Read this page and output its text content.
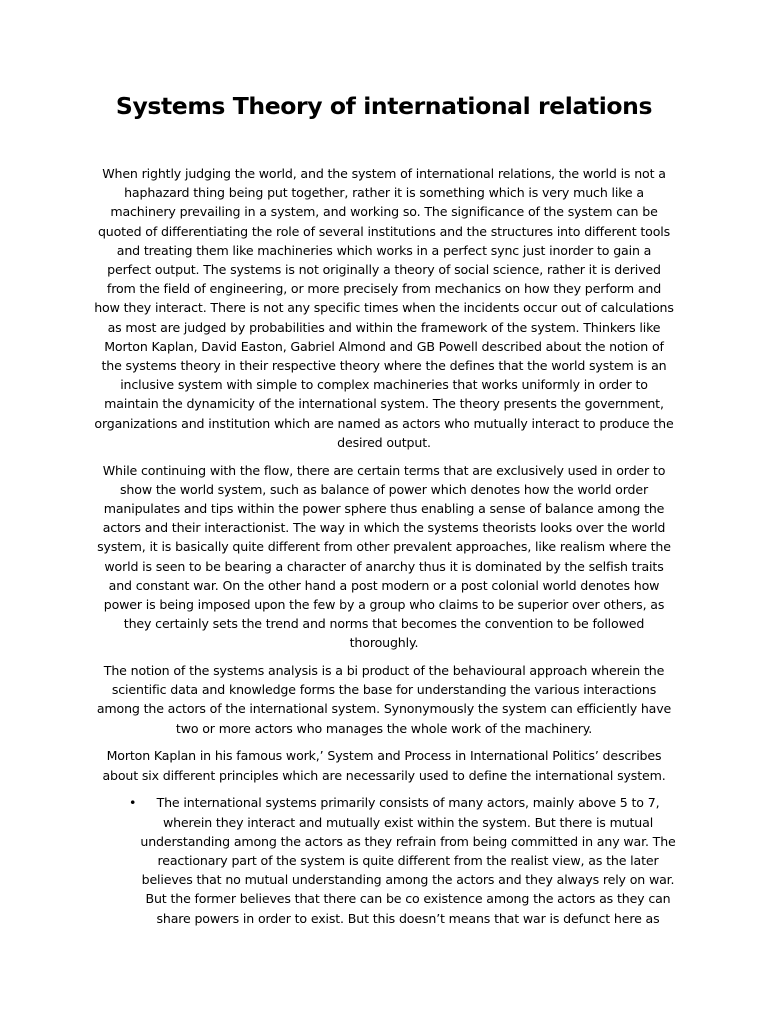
Systems Theory of international relations

When rightly judging the world, and the system of international relations, the world is not a haphazard thing being put together, rather it is something which is very much like a machinery prevailing in a system, and working so. The significance of the system can be quoted of differentiating the role of several institutions and the structures into different tools and treating them like machineries which works in a perfect sync just inorder to gain a perfect output. The systems is not originally a theory of social science, rather it is derived from the field of engineering, or more precisely from mechanics on how they perform and how they interact. There is not any specific times when the incidents occur out of calculations as most are judged by probabilities and within the framework of the system. Thinkers like Morton Kaplan, David Easton, Gabriel Almond and GB Powell described about the notion of the systems theory in their respective theory where the defines that the world system is an inclusive system with simple to complex machineries that works uniformly in order to maintain the dynamicity of the international system. The theory presents the government, organizations and institution which are named as actors who mutually interact to produce the desired output.

While continuing with the flow, there are certain terms that are exclusively used in order to show the world system, such as balance of power which denotes how the world order manipulates and tips within the power sphere thus enabling a sense of balance among the actors and their interactionist. The way in which the systems theorists looks over the world system, it is basically quite different from other prevalent approaches, like realism where the world is seen to be bearing a character of anarchy thus it is dominated by the selfish traits and constant war. On the other hand a post modern or a post colonial world denotes how power is being imposed upon the few by a group who claims to be superior over others, as they certainly sets the trend and norms that becomes the convention to be followed thoroughly.

The notion of the systems analysis is a bi product of the behavioural approach wherein the scientific data and knowledge forms the base for understanding the various interactions among the actors of the international system. Synonymously the system can efficiently have two or more actors who manages the whole work of the machinery.

Morton Kaplan in his famous work,’ System and Process in International Politics’ describes about six different principles which are necessarily used to define the international system.

•	The international systems primarily consists of many actors, mainly above 5 to 7, wherein they interact and mutually exist within the system. But there is mutual understanding among the actors as they refrain from being committed in any war. The reactionary part of the system is quite different from the realist view, as the later believes that no mutual understanding among the actors and they always rely on war. But the former believes that there can be co existence among the actors as they can share powers in order to exist. But this doesn’t means that war is defunct here as
